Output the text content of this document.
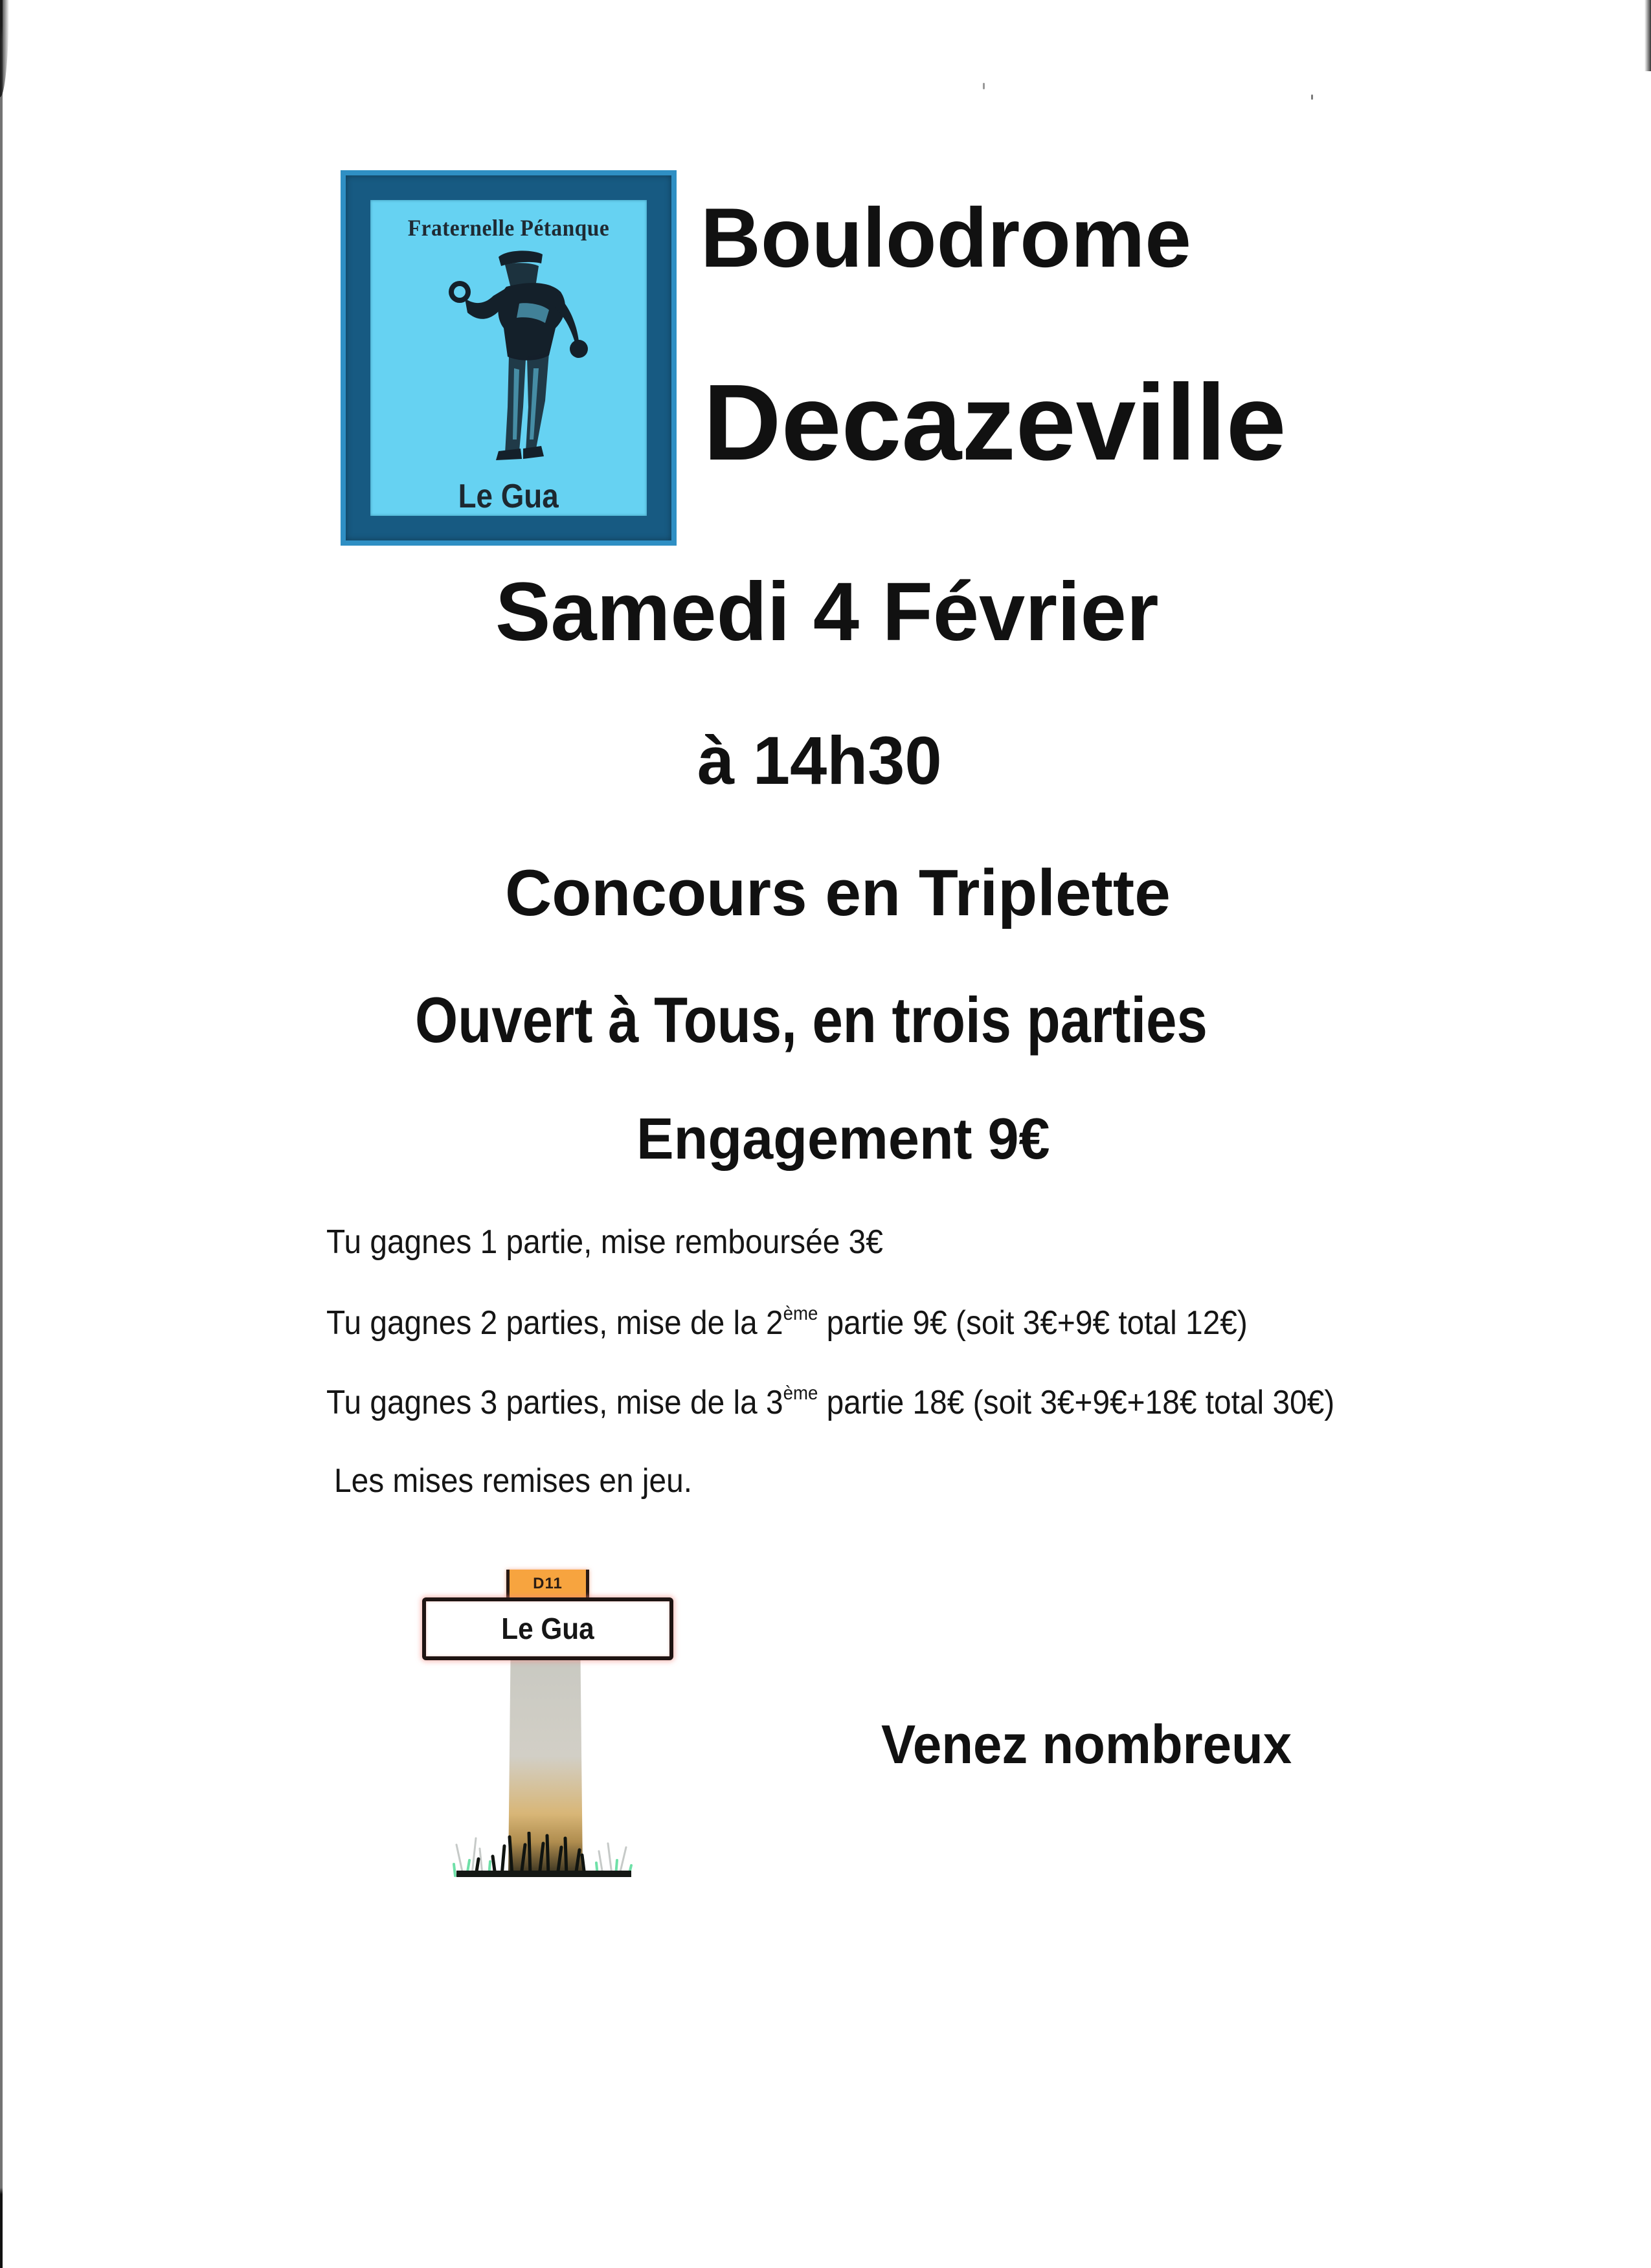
Fraternelle Pétanque
Le Gua
Boulodrome
Decazeville
Samedi 4 Février
à 14h30
Concours en Triplette
Ouvert à Tous, en trois parties
Engagement 9€
Tu gagnes 1 partie, mise remboursée 3€
Tu gagnes 2 parties, mise de la 2ème partie 9€ (soit 3€+9€ total 12€)
Tu gagnes 3 parties, mise de la 3ème partie 18€ (soit 3€+9€+18€ total 30€)
Les mises remises en jeu.
D11
Le Gua
Venez nombreux
